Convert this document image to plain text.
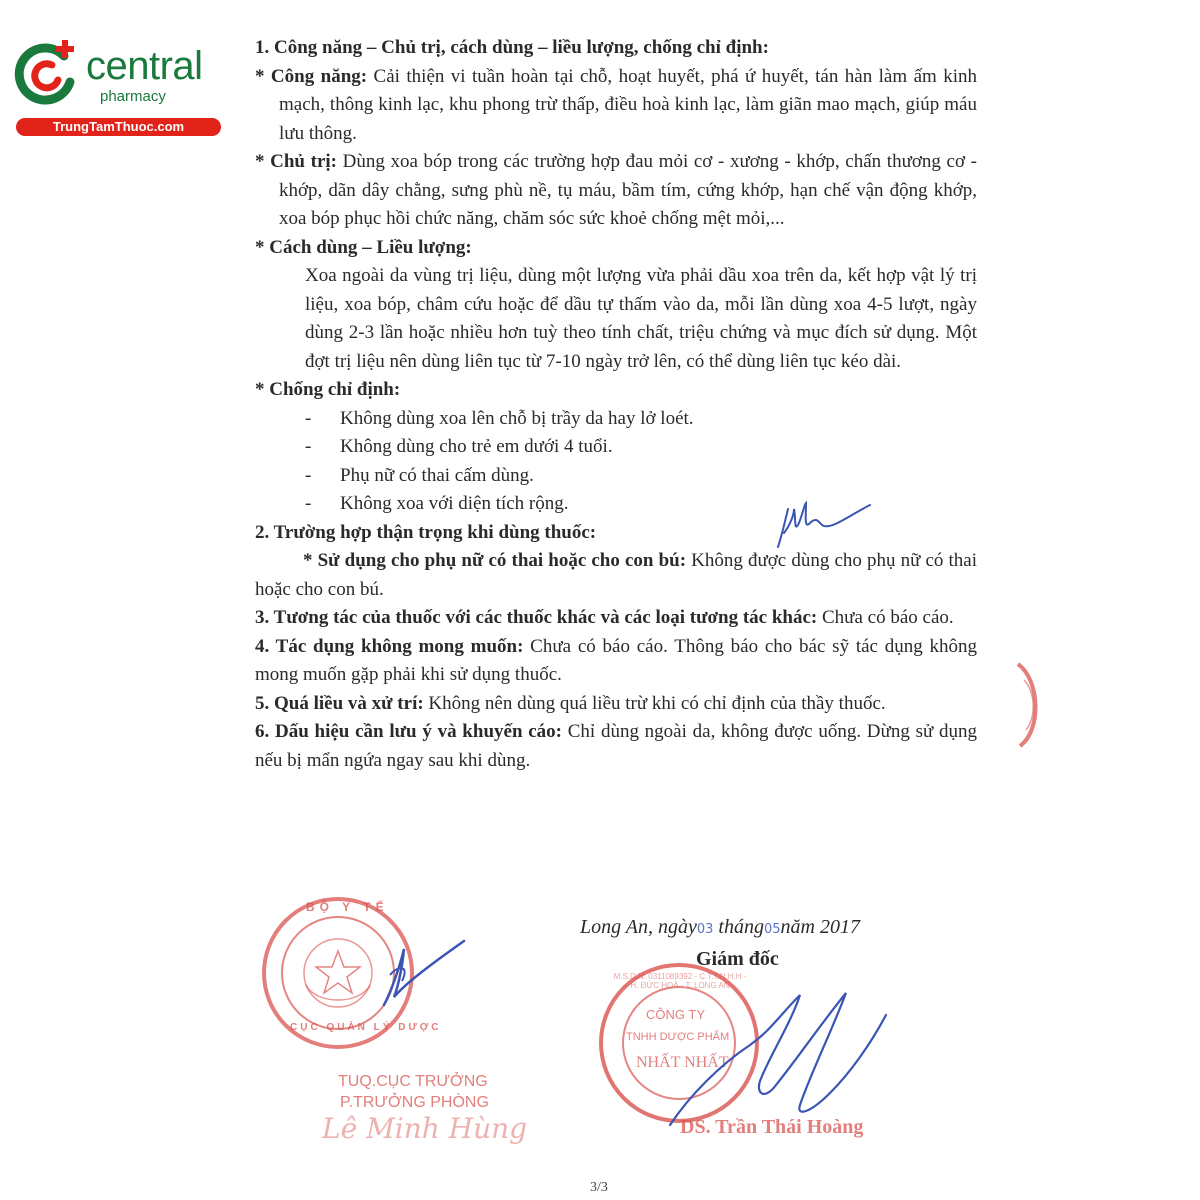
central
pharmacy
TrungTamThuoc.com

1. Công năng – Chủ trị, cách dùng – liều lượng, chống chỉ định:

* Công năng: Cải thiện vi tuần hoàn tại chỗ, hoạt huyết, phá ứ huyết, tán hàn làm ấm kinh mạch, thông kinh lạc, khu phong trừ thấp, điều hoà kinh lạc, làm giãn mao mạch, giúp máu lưu thông.

* Chủ trị: Dùng xoa bóp trong các trường hợp đau mỏi cơ - xương - khớp, chấn thương cơ - khớp, dãn dây chằng, sưng phù nề, tụ máu, bầm tím, cứng khớp, hạn chế vận động khớp, xoa bóp phục hồi chức năng, chăm sóc sức khoẻ chống mệt mỏi,...

* Cách dùng – Liều lượng:

Xoa ngoài da vùng trị liệu, dùng một lượng vừa phải dầu xoa trên da, kết hợp vật lý trị liệu, xoa bóp, châm cứu hoặc để dầu tự thấm vào da, mỗi lần dùng xoa 4-5 lượt, ngày dùng 2-3 lần hoặc nhiều hơn tuỳ theo tính chất, triệu chứng và mục đích sử dụng. Một đợt trị liệu nên dùng liên tục từ 7-10 ngày trở lên, có thể dùng liên tục kéo dài.

* Chống chỉ định:

- Không dùng xoa lên chỗ bị trầy da hay lở loét.

- Không dùng cho trẻ em dưới 4 tuổi.

- Phụ nữ có thai cấm dùng.

- Không xoa với diện tích rộng.

2. Trường hợp thận trọng khi dùng thuốc:

* Sử dụng cho phụ nữ có thai hoặc cho con bú: Không được dùng cho phụ nữ có thai hoặc cho con bú.

3. Tương tác của thuốc với các thuốc khác và các loại tương tác khác: Chưa có báo cáo.

4. Tác dụng không mong muốn: Chưa có báo cáo. Thông báo cho bác sỹ tác dụng không mong muốn gặp phải khi sử dụng thuốc.

5. Quá liều và xử trí: Không nên dùng quá liều trừ khi có chỉ định của thầy thuốc.

6. Dấu hiệu cần lưu ý và khuyến cáo: Chỉ dùng ngoài da, không được uống. Dừng sử dụng nếu bị mẩn ngứa ngay sau khi dùng.

BỘ Y TẾ
CỤC QUẢN LÝ DƯỢC
TUQ.CỤC TRƯỞNG
P.TRƯỞNG PHÒNG
Lê Minh Hùng
Long An, ngày03 tháng05năm 2017
Giám đốc
M.S.D.N: 0311089392 - C.T.T.N.H.H - H. ĐỨC HOÀ - T. LONG AN
CÔNG TY
TNHH DƯỢC PHẨM
NHẤT NHẤT
DS. Trần Thái Hoàng
3/3
